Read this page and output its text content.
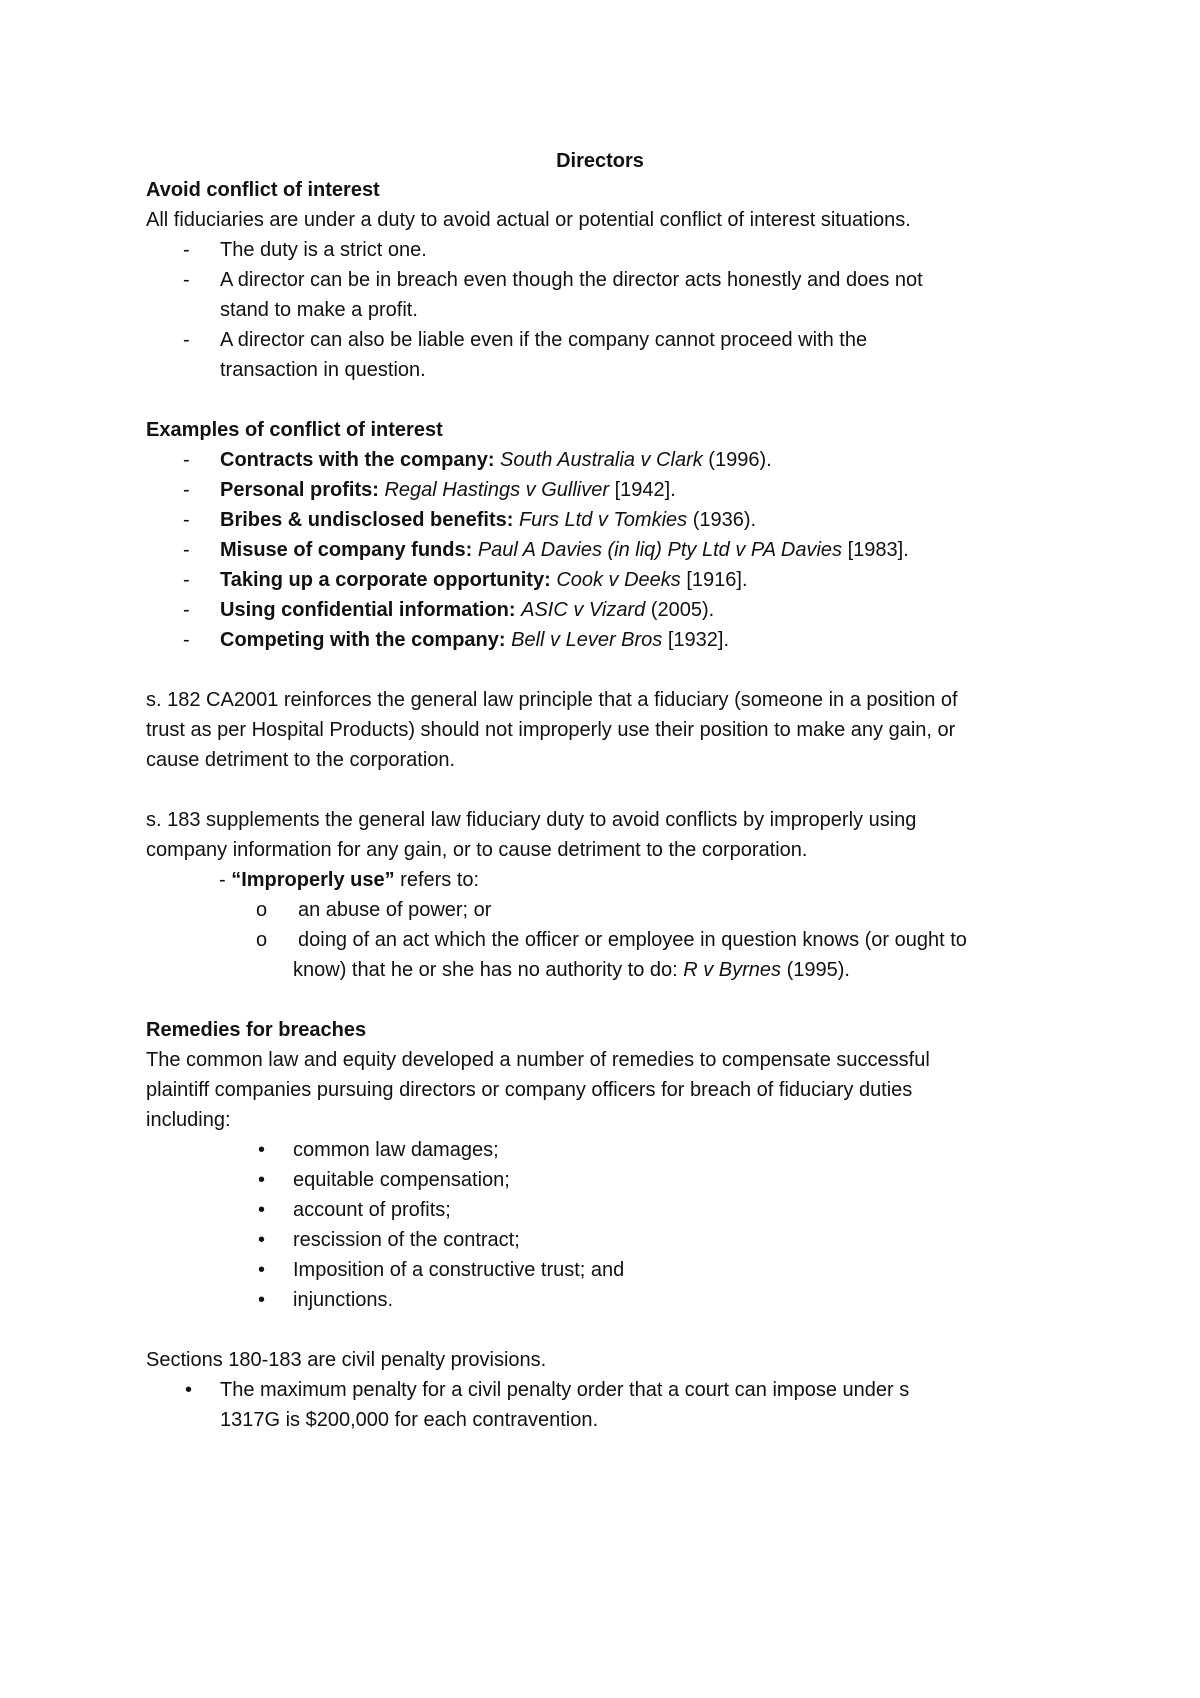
Directors
Avoid conflict of interest
All fiduciaries are under a duty to avoid actual or potential conflict of interest situations.
- The duty is a strict one.
- A director can be in breach even though the director acts honestly and does not
stand to make a profit.
- A director can also be liable even if the company cannot proceed with the
transaction in question.
Examples of conflict of interest
- Contracts with the company: South Australia v Clark (1996).
- Personal profits: Regal Hastings v Gulliver [1942].
- Bribes & undisclosed benefits: Furs Ltd v Tomkies (1936).
- Misuse of company funds: Paul A Davies (in liq) Pty Ltd v PA Davies [1983].
- Taking up a corporate opportunity: Cook v Deeks [1916].
- Using confidential information: ASIC v Vizard (2005).
- Competing with the company: Bell v Lever Bros [1932].
s. 182 CA2001 reinforces the general law principle that a fiduciary (someone in a position of
trust as per Hospital Products) should not improperly use their position to make any gain, or
cause detriment to the corporation.
s. 183 supplements the general law fiduciary duty to avoid conflicts by improperly using
company information for any gain, or to cause detriment to the corporation.
- “Improperly use” refers to:
o an abuse of power; or
o doing of an act which the officer or employee in question knows (or ought to
know) that he or she has no authority to do: R v Byrnes (1995).
Remedies for breaches
The common law and equity developed a number of remedies to compensate successful
plaintiff companies pursuing directors or company officers for breach of fiduciary duties
including:
• common law damages;
• equitable compensation;
• account of profits;
• rescission of the contract;
• Imposition of a constructive trust; and
• injunctions.
Sections 180-183 are civil penalty provisions.
• The maximum penalty for a civil penalty order that a court can impose under s
1317G is $200,000 for each contravention.
